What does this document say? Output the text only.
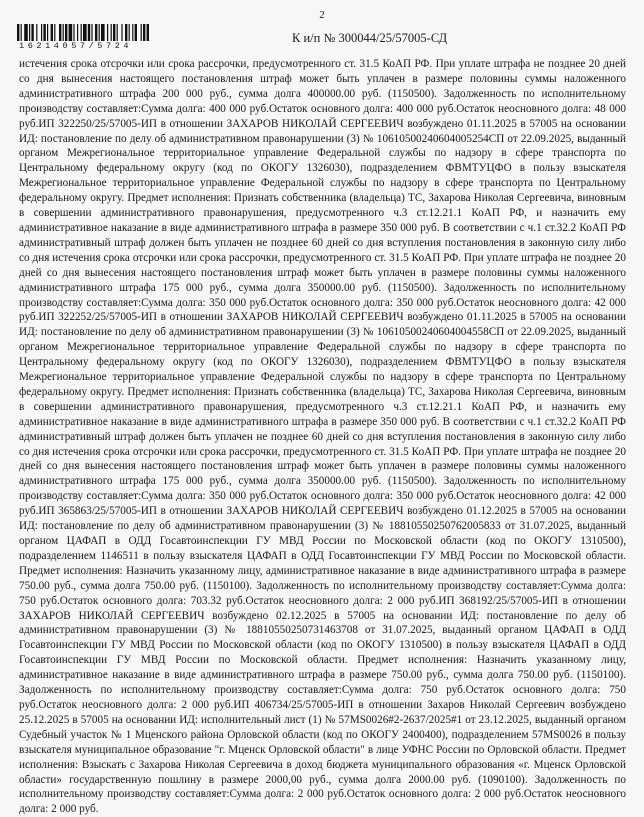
2
16214057/5724
К и/п № 300044/25/57005-СД

истечения срока отсрочки или срока рассрочки, предусмотренного ст. 31.5 КоАП РФ. При уплате штрафа не позднее 20 дней со дня вынесения настоящего постановления штраф может быть уплачен в размере половины суммы наложенного административного штрафа 200 000 руб., сумма долга 400000.00 руб. (1150500). Задолженность по исполнительному производству составляет:Сумма долга: 400 000 руб.Остаток основного долга: 400 000 руб.Остаток неосновного долга: 48 000 руб.ИП 322250/25/57005-ИП в отношении ЗАХАРОВ НИКОЛАЙ СЕРГЕЕВИЧ возбуждено 01.11.2025 в 57005 на основании ИД: постановление по делу об административном правонарушении (3) № 10610500240604005254СП от 22.09.2025, выданный органом Межрегиональное территориальное управление Федеральной службы по надзору в сфере транспорта по Центральному федеральному округу (код по ОКОГУ 1326030), подразделением ФВМТУЦФО в пользу взыскателя Межрегиональное территориальное управление Федеральной службы по надзору в сфере транспорта по Центральному федеральному округу. Предмет исполнения: Признать собственника (владельца) ТС, Захарова Николая Сергеевича, виновным в совершении административного правонарушения, предусмотренного ч.3 ст.12.21.1 КоАП РФ, и назначить ему административное наказание в виде административного штрафа в размере 350 000 руб. В соответствии с ч.1 ст.32.2 КоАП РФ административный штраф должен быть уплачен не позднее 60 дней со дня вступления постановления в законную силу либо со дня истечения срока отсрочки или срока рассрочки, предусмотренного ст. 31.5 КоАП РФ. При уплате штрафа не позднее 20 дней со дня вынесения настоящего постановления штраф может быть уплачен в размере половины суммы наложенного административного штрафа 175 000 руб., сумма долга 350000.00 руб. (1150500). Задолженность по исполнительному производству составляет:Сумма долга: 350 000 руб.Остаток основного долга: 350 000 руб.Остаток неосновного долга: 42 000 руб.ИП 322252/25/57005-ИП в отношении ЗАХАРОВ НИКОЛАЙ СЕРГЕЕВИЧ возбуждено 01.11.2025 в 57005 на основании ИД: постановление по делу об административном правонарушении (3) № 10610500240604004558СП от 22.09.2025, выданный органом Межрегиональное территориальное управление Федеральной службы по надзору в сфере транспорта по Центральному федеральному округу (код по ОКОГУ 1326030), подразделением ФВМТУЦФО в пользу взыскателя Межрегиональное территориальное управление Федеральной службы по надзору в сфере транспорта по Центральному федеральному округу. Предмет исполнения: Признать собственника (владельца) ТС, Захарова Николая Сергеевича, виновным в совершении административного правонарушения, предусмотренного ч.3 ст.12.21.1 КоАП РФ, и назначить ему административное наказание в виде административного штрафа в размере 350 000 руб. В соответствии с ч.1 ст.32.2 КоАП РФ административный штраф должен быть уплачен не позднее 60 дней со дня вступления постановления в законную силу либо со дня истечения срока отсрочки или срока рассрочки, предусмотренного ст. 31.5 КоАП РФ. При уплате штрафа не позднее 20 дней со дня вынесения настоящего постановления штраф может быть уплачен в размере половины суммы наложенного административного штрафа 175 000 руб., сумма долга 350000.00 руб. (1150500). Задолженность по исполнительному производству составляет:Сумма долга: 350 000 руб.Остаток основного долга: 350 000 руб.Остаток неосновного долга: 42 000 руб.ИП 365863/25/57005-ИП в отношении ЗАХАРОВ НИКОЛАЙ СЕРГЕЕВИЧ возбуждено 01.12.2025 в 57005 на основании ИД: постановление по делу об административном правонарушении (3) № 18810550250762005833 от 31.07.2025, выданный органом ЦАФАП в ОДД Госавтоинспекции ГУ МВД России по Московской области (код по ОКОГУ 1310500), подразделением 1146511 в пользу взыскателя ЦАФАП в ОДД Госавтоинспекции ГУ МВД России по Московской области. Предмет исполнения: Назначить указанному лицу, административное наказание в виде административного штрафа в размере 750.00 руб., сумма долга 750.00 руб. (1150100). Задолженность по исполнительному производству составляет:Сумма долга: 750 руб.Остаток основного долга: 703.32 руб.Остаток неосновного долга: 2 000 руб.ИП 368192/25/57005-ИП в отношении ЗАХАРОВ НИКОЛАЙ СЕРГЕЕВИЧ возбуждено 02.12.2025 в 57005 на основании ИД: постановление по делу об административном правонарушении (3) № 18810550250731463708 от 31.07.2025, выданный органом ЦАФАП в ОДД Госавтоинспекции ГУ МВД России по Московской области (код по ОКОГУ 1310500) в пользу взыскателя ЦАФАП в ОДД Госавтоинспекции ГУ МВД России по Московской области. Предмет исполнения: Назначить указанному лицу, административное наказание в виде административного штрафа в размере 750.00 руб., сумма долга 750.00 руб. (1150100). Задолженность по исполнительному производству составляет:Сумма долга: 750 руб.Остаток основного долга: 750 руб.Остаток неосновного долга: 2 000 руб.ИП 406734/25/57005-ИП в отношении Захаров Николай Сергеевич возбуждено 25.12.2025 в 57005 на основании ИД: исполнительный лист (1) № 57MS0026#2-2637/2025#1 от 23.12.2025, выданный органом Судебный участок № 1 Мценского района Орловской области (код по ОКОГУ 2400400), подразделением 57MS0026 в пользу взыскателя муниципальное образование "г. Мценск Орловской области" в лице УФНС России по Орловской области. Предмет исполнения: Взыскать с Захарова Николая Сергеевича в доход бюджета муниципального образования «г. Мценск Орловской области» государственную пошлину в размере 2000,00 руб., сумма долга 2000.00 руб. (1090100). Задолженность по исполнительному производству составляет:Сумма долга: 2 000 руб.Остаток основного долга: 2 000 руб.Остаток неосновного долга: 2 000 руб.
